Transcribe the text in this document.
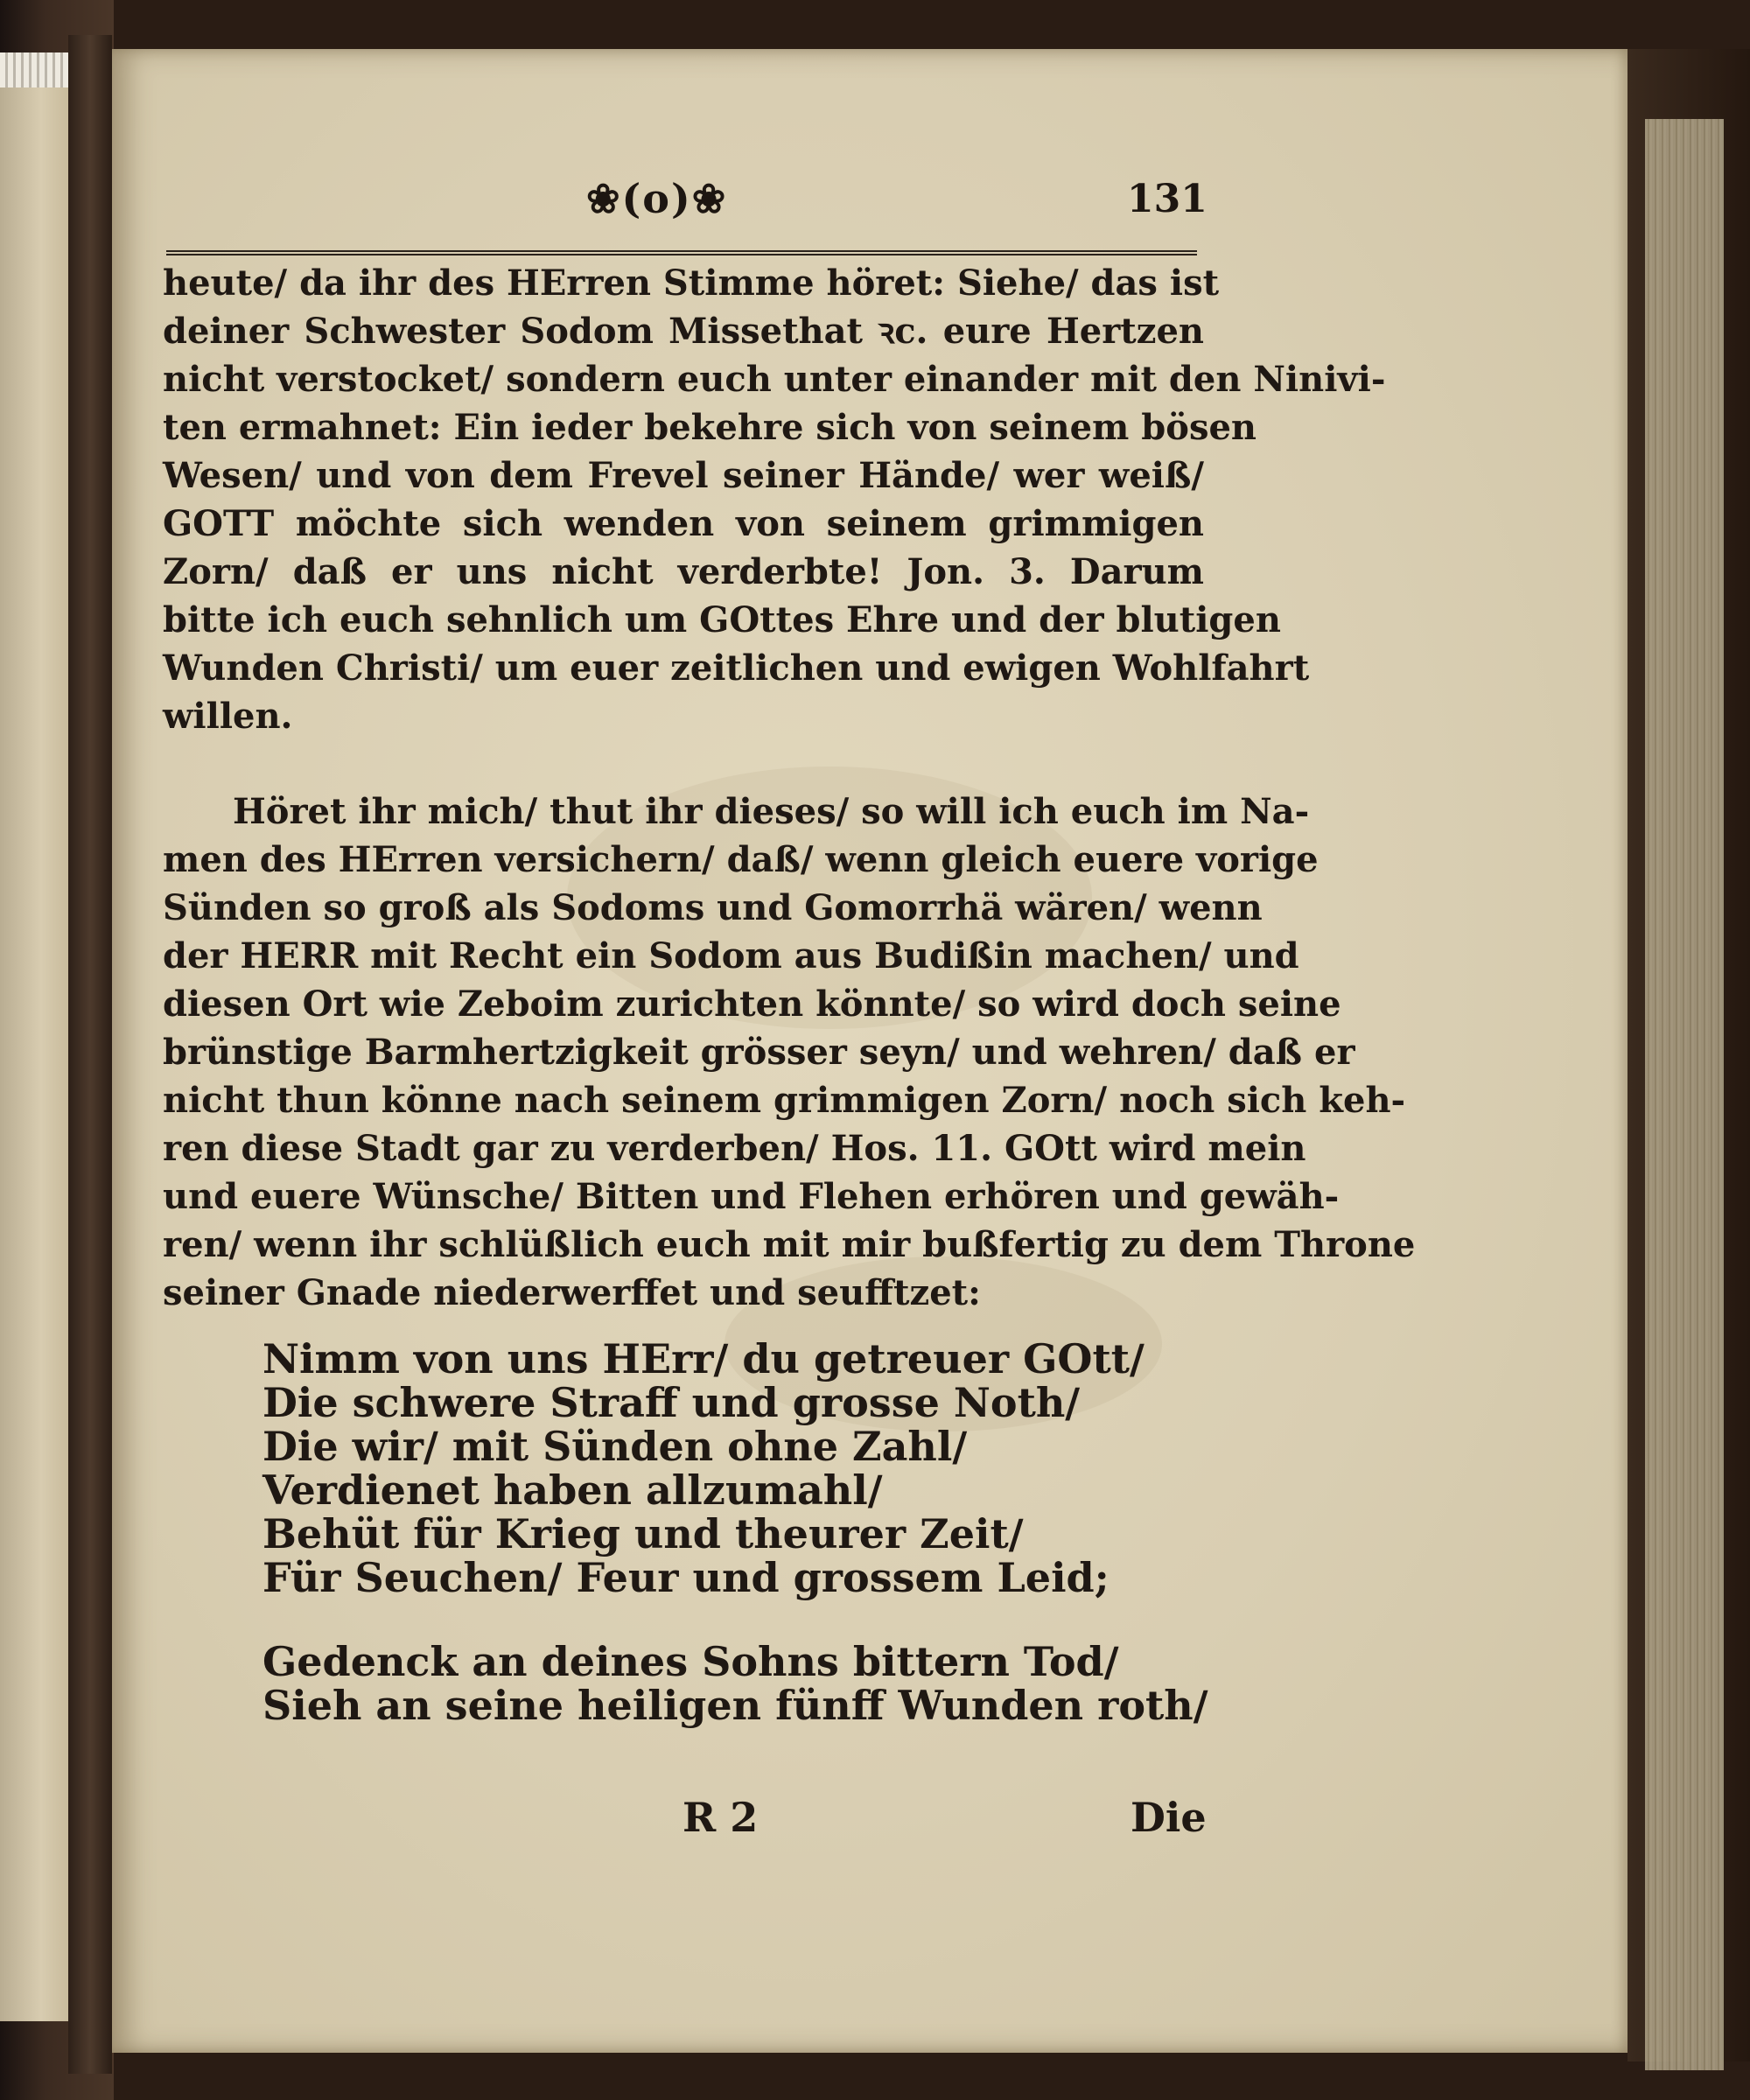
❀(o)❀	131
heute/ da ihr des HErren Stimme höret: Siehe/ das ist
deiner Schwester Sodom Missethat ꝛc. eure Hertzen
nicht verstocket/ sondern euch unter einander mit den Ninivi-
ten ermahnet: Ein ieder bekehre sich von seinem bösen
Wesen/ und von dem Frevel seiner Hände/ wer weiß/
GOTT möchte sich wenden von seinem grimmigen
Zorn/ daß er uns nicht verderbte! Jon. 3. Darum
bitte ich euch sehnlich um GOttes Ehre und der blutigen
Wunden Christi/ um euer zeitlichen und ewigen Wohlfahrt
willen.
Höret ihr mich/ thut ihr dieses/ so will ich euch im Na-
men des HErren versichern/ daß/ wenn gleich euere vorige
Sünden so groß als Sodoms und Gomorrhä wären/ wenn
der HERR mit Recht ein Sodom aus Budißin machen/ und
diesen Ort wie Zeboim zurichten könnte/ so wird doch seine
brünstige Barmhertzigkeit grösser seyn/ und wehren/ daß er
nicht thun könne nach seinem grimmigen Zorn/ noch sich keh-
ren diese Stadt gar zu verderben/ Hos. 11. GOtt wird mein
und euere Wünsche/ Bitten und Flehen erhören und gewäh-
ren/ wenn ihr schlüßlich euch mit mir bußfertig zu dem Throne
seiner Gnade niederwerffet und seufftzet:
Nimm von uns HErr/ du getreuer GOtt/
Die schwere Straff und grosse Noth/
Die wir/ mit Sünden ohne Zahl/
Verdienet haben allzumahl/
Behüt für Krieg und theurer Zeit/
Für Seuchen/ Feur und grossem Leid;
Gedenck an deines Sohns bittern Tod/
Sieh an seine heiligen fünff Wunden roth/
R 2	Die
